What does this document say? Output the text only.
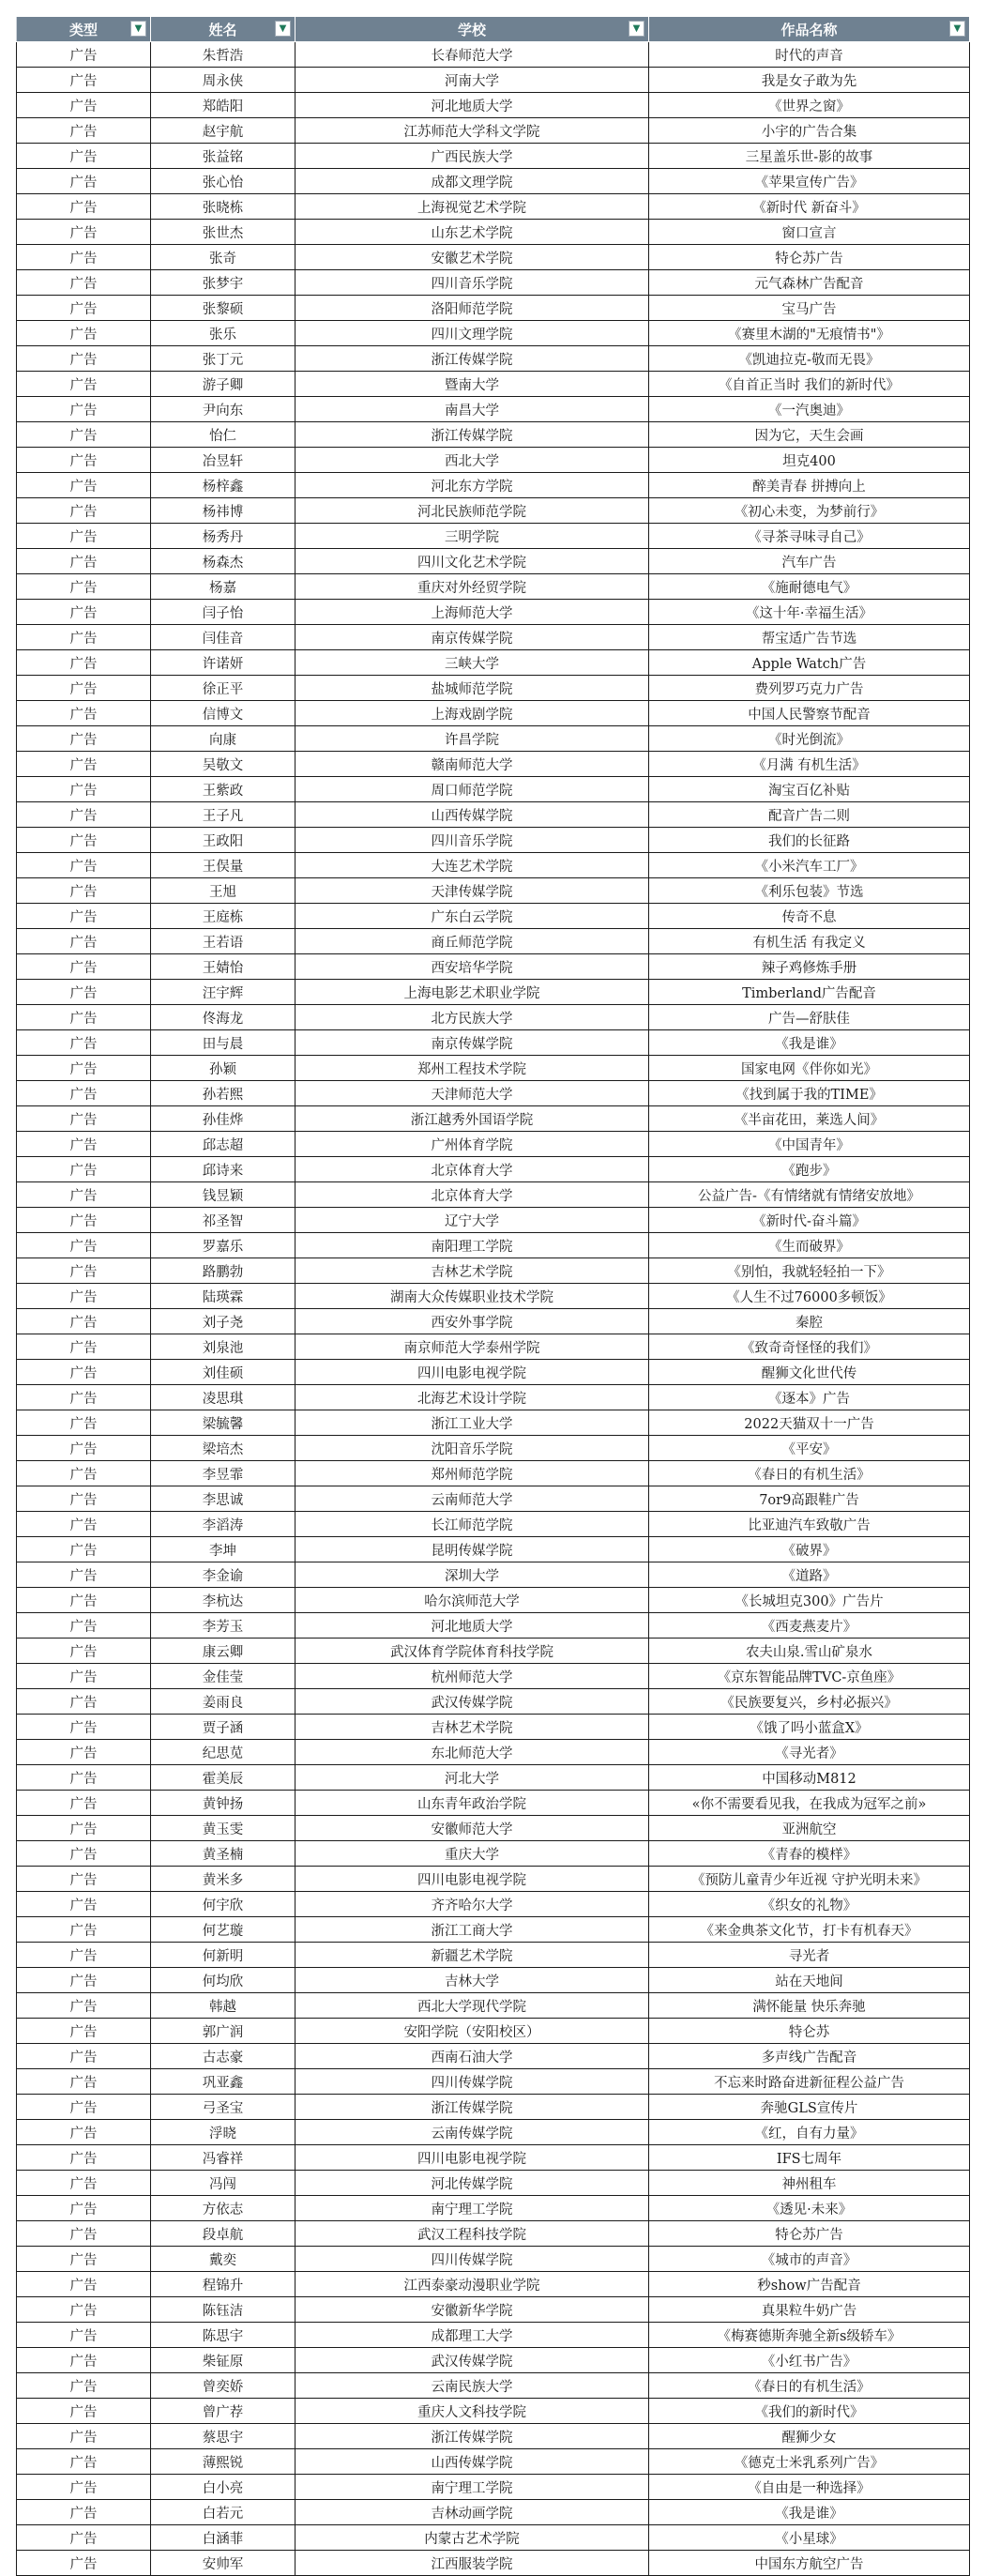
类型 ▼	姓名 ▼	学校 ▼	作品名称 ▼

广告	朱哲浩	长春师范大学	时代的声音
广告	周永侠	河南大学	我是女子敢为先
广告	郑皓阳	河北地质大学	《世界之窗》
广告	赵宇航	江苏师范大学科文学院	小宇的广告合集
广告	张益铭	广西民族大学	三星盖乐世-影的故事
广告	张心怡	成都文理学院	《苹果宣传广告》
广告	张晓栋	上海视觉艺术学院	《新时代 新奋斗》
广告	张世杰	山东艺术学院	窗口宣言
广告	张奇	安徽艺术学院	特仑苏广告
广告	张梦宇	四川音乐学院	元气森林广告配音
广告	张黎硕	洛阳师范学院	宝马广告
广告	张乐	四川文理学院	《赛里木湖的"无痕情书"》
广告	张丁元	浙江传媒学院	《凯迪拉克-敬而无畏》
广告	游子卿	暨南大学	《自首正当时 我们的新时代》
广告	尹向东	南昌大学	《一汽奥迪》
广告	怡仁	浙江传媒学院	因为它，天生会画
广告	冶昱轩	西北大学	坦克400
广告	杨梓鑫	河北东方学院	醉美青春 拼搏向上
广告	杨祎博	河北民族师范学院	《初心未变，为梦前行》
广告	杨秀丹	三明学院	《寻茶寻味寻自己》
广告	杨森杰	四川文化艺术学院	汽车广告
广告	杨嘉	重庆对外经贸学院	《施耐德电气》
广告	闫子怡	上海师范大学	《这十年·幸福生活》
广告	闫佳音	南京传媒学院	帮宝适广告节选
广告	许诺妍	三峡大学	Apple Watch广告
广告	徐正平	盐城师范学院	费列罗巧克力广告
广告	信博文	上海戏剧学院	中国人民警察节配音
广告	向康	许昌学院	《时光倒流》
广告	吴敬文	赣南师范大学	《月满 有机生活》
广告	王紫政	周口师范学院	淘宝百亿补贴
广告	王子凡	山西传媒学院	配音广告二则
广告	王政阳	四川音乐学院	我们的长征路
广告	王俣量	大连艺术学院	《小米汽车工厂》
广告	王旭	天津传媒学院	《利乐包装》节选
广告	王庭栋	广东白云学院	传奇不息
广告	王若语	商丘师范学院	有机生活 有我定义
广告	王婧怡	西安培华学院	辣子鸡修炼手册
广告	汪宇辉	上海电影艺术职业学院	Timberland广告配音
广告	佟海龙	北方民族大学	广告—舒肤佳
广告	田与晨	南京传媒学院	《我是谁》
广告	孙颖	郑州工程技术学院	国家电网《伴你如光》
广告	孙若熙	天津师范大学	《找到属于我的TIME》
广告	孙佳烨	浙江越秀外国语学院	《半亩花田，莱选人间》
广告	邱志超	广州体育学院	《中国青年》
广告	邱诗来	北京体育大学	《跑步》
广告	钱昱颖	北京体育大学	公益广告-《有情绪就有情绪安放地》
广告	祁圣智	辽宁大学	《新时代-奋斗篇》
广告	罗嘉乐	南阳理工学院	《生而破界》
广告	路鹏勃	吉林艺术学院	《别怕，我就轻轻拍一下》
广告	陆瑛霖	湖南大众传媒职业技术学院	《人生不过76000多顿饭》
广告	刘子尧	西安外事学院	秦腔
广告	刘泉池	南京师范大学泰州学院	《致奇奇怪怪的我们》
广告	刘佳硕	四川电影电视学院	醒狮文化世代传
广告	凌思琪	北海艺术设计学院	《逐本》广告
广告	梁毓馨	浙江工业大学	2022天猫双十一广告
广告	梁培杰	沈阳音乐学院	《平安》
广告	李昱霏	郑州师范学院	《春日的有机生活》
广告	李思诚	云南师范大学	7or9高跟鞋广告
广告	李滔涛	长江师范学院	比亚迪汽车致敬广告
广告	李坤	昆明传媒学院	《破界》
广告	李金谕	深圳大学	《道路》
广告	李杭达	哈尔滨师范大学	《长城坦克300》广告片
广告	李芳玉	河北地质大学	《西麦燕麦片》
广告	康云卿	武汉体育学院体育科技学院	农夫山泉.雪山矿泉水
广告	金佳莹	杭州师范大学	《京东智能品牌TVC-京鱼座》
广告	姜雨良	武汉传媒学院	《民族要复兴，乡村必振兴》
广告	贾子涵	吉林艺术学院	《饿了吗小蓝盒X》
广告	纪思苋	东北师范大学	《寻光者》
广告	霍美辰	河北大学	中国移动M812
广告	黄钟扬	山东青年政治学院	«你不需要看见我，在我成为冠军之前»
广告	黄玉雯	安徽师范大学	亚洲航空
广告	黄圣楠	重庆大学	《青春的模样》
广告	黄米多	四川电影电视学院	《预防儿童青少年近视 守护光明未来》
广告	何宇欣	齐齐哈尔大学	《织女的礼物》
广告	何艺璇	浙江工商大学	《来金典茶文化节，打卡有机春天》
广告	何新明	新疆艺术学院	寻光者
广告	何均欣	吉林大学	站在天地间
广告	韩越	西北大学现代学院	满怀能量 快乐奔驰
广告	郭广润	安阳学院（安阳校区）	特仑苏
广告	古志豪	西南石油大学	多声线广告配音
广告	巩亚鑫	四川传媒学院	不忘来时路奋进新征程公益广告
广告	弓圣宝	浙江传媒学院	奔驰GLS宣传片
广告	浮晓	云南传媒学院	《红，自有力量》
广告	冯睿祥	四川电影电视学院	IFS七周年
广告	冯闯	河北传媒学院	神州租车
广告	方依志	南宁理工学院	《透见·未来》
广告	段卓航	武汉工程科技学院	特仑苏广告
广告	戴奕	四川传媒学院	《城市的声音》
广告	程锦升	江西泰豪动漫职业学院	秒show广告配音
广告	陈钰洁	安徽新华学院	真果粒牛奶广告
广告	陈思宇	成都理工大学	《梅赛德斯奔驰全新s级轿车》
广告	柴钲原	武汉传媒学院	《小红书广告》
广告	曾奕娇	云南民族大学	《春日的有机生活》
广告	曾广荐	重庆人文科技学院	《我们的新时代》
广告	蔡思宇	浙江传媒学院	醒狮少女
广告	薄熙锐	山西传媒学院	《德克士米乳系列广告》
广告	白小亮	南宁理工学院	《自由是一种选择》
广告	白若元	吉林动画学院	《我是谁》
广告	白涵菲	内蒙古艺术学院	《小星球》
广告	安帅军	江西服装学院	中国东方航空广告
